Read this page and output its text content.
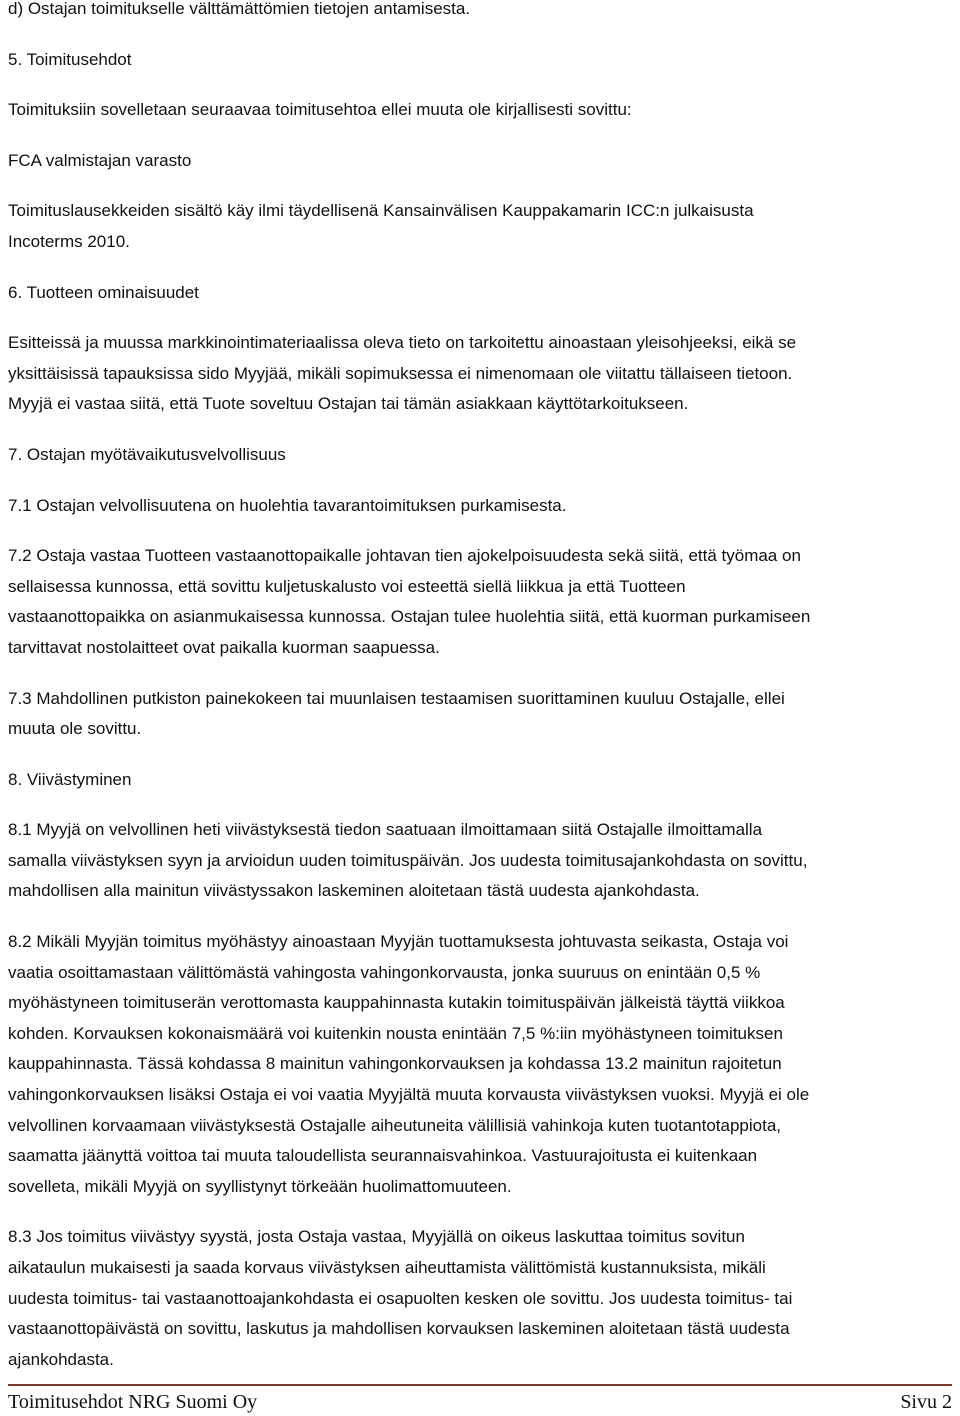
d) Ostajan toimitukselle välttämättömien tietojen antamisesta.

5. Toimitusehdot

Toimituksiin sovelletaan seuraavaa toimitusehtoa ellei muuta ole kirjallisesti sovittu:

FCA valmistajan varasto

Toimituslausekkeiden sisältö käy ilmi täydellisenä Kansainvälisen Kauppakamarin ICC:n julkaisusta
Incoterms 2010.

6. Tuotteen ominaisuudet

Esitteissä ja muussa markkinointimateriaalissa oleva tieto on tarkoitettu ainoastaan yleisohjeeksi, eikä se
yksittäisissä tapauksissa sido Myyjää, mikäli sopimuksessa ei nimenomaan ole viitattu tällaiseen tietoon.
Myyjä ei vastaa siitä, että Tuote soveltuu Ostajan tai tämän asiakkaan käyttötarkoitukseen.

7. Ostajan myötävaikutusvelvollisuus

7.1 Ostajan velvollisuutena on huolehtia tavarantoimituksen purkamisesta.

7.2 Ostaja vastaa Tuotteen vastaanottopaikalle johtavan tien ajokelpoisuudesta sekä siitä, että työmaa on
sellaisessa kunnossa, että sovittu kuljetuskalusto voi esteettä siellä liikkua ja että Tuotteen
vastaanottopaikka on asianmukaisessa kunnossa. Ostajan tulee huolehtia siitä, että kuorman purkamiseen
tarvittavat nostolaitteet ovat paikalla kuorman saapuessa.

7.3 Mahdollinen putkiston painekokeen tai muunlaisen testaamisen suorittaminen kuuluu Ostajalle, ellei
muuta ole sovittu.

8. Viivästyminen

8.1 Myyjä on velvollinen heti viivästyksestä tiedon saatuaan ilmoittamaan siitä Ostajalle ilmoittamalla
samalla viivästyksen syyn ja arvioidun uuden toimituspäivän. Jos uudesta toimitusajankohdasta on sovittu,
mahdollisen alla mainitun viivästyssakon laskeminen aloitetaan tästä uudesta ajankohdasta.

8.2 Mikäli Myyjän toimitus myöhästyy ainoastaan Myyjän tuottamuksesta johtuvasta seikasta, Ostaja voi
vaatia osoittamastaan välittömästä vahingosta vahingonkorvausta, jonka suuruus on enintään 0,5 %
myöhästyneen toimituserän verottomasta kauppahinnasta kutakin toimituspäivän jälkeistä täyttä viikkoa
kohden. Korvauksen kokonaismäärä voi kuitenkin nousta enintään 7,5 %:iin myöhästyneen toimituksen
kauppahinnasta. Tässä kohdassa 8 mainitun vahingonkorvauksen ja kohdassa 13.2 mainitun rajoitetun
vahingonkorvauksen lisäksi Ostaja ei voi vaatia Myyjältä muuta korvausta viivästyksen vuoksi. Myyjä ei ole
velvollinen korvaamaan viivästyksestä Ostajalle aiheutuneita välillisiä vahinkoja kuten tuotantotappiota,
saamatta jäänyttä voittoa tai muuta taloudellista seurannaisvahinkoa. Vastuurajoitusta ei kuitenkaan
sovelleta, mikäli Myyjä on syyllistynyt törkeään huolimattomuuteen.

8.3 Jos toimitus viivästyy syystä, josta Ostaja vastaa, Myyjällä on oikeus laskuttaa toimitus sovitun
aikataulun mukaisesti ja saada korvaus viivästyksen aiheuttamista välittömistä kustannuksista, mikäli
uudesta toimitus- tai vastaanottoajankohdasta ei osapuolten kesken ole sovittu. Jos uudesta toimitus- tai
vastaanottopäivästä on sovittu, laskutus ja mahdollisen korvauksen laskeminen aloitetaan tästä uudesta
ajankohdasta.

Toimitusehdot NRG Suomi Oy	Sivu 2
